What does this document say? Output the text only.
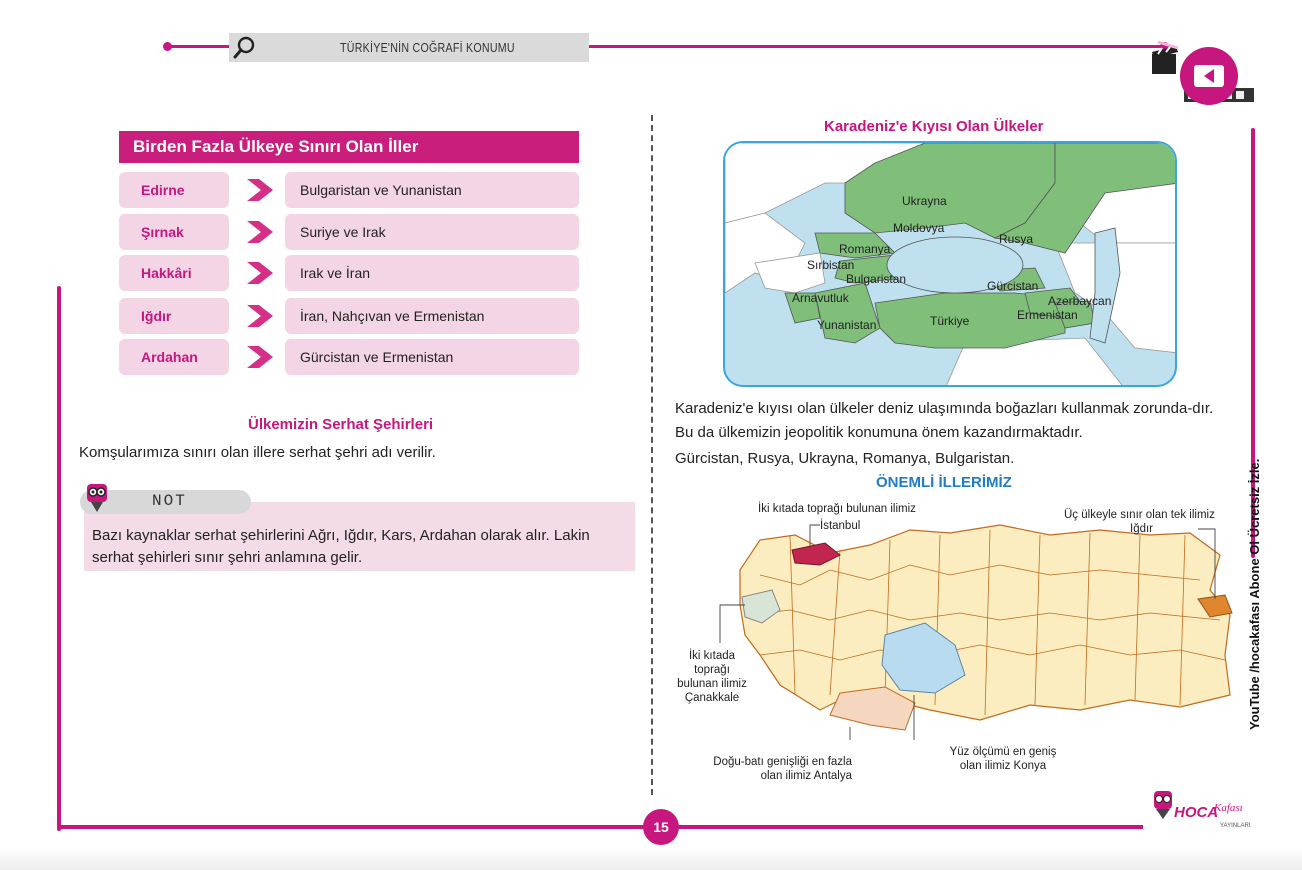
TÜRKİYE'NİN COĞRAFİ KONUMU
YouTube /hocakafası Abone Ol Ücretsiz İzle.
Birden Fazla Ülkeye Sınırı Olan İller
Edirne	Bulgaristan ve Yunanistan
Şırnak	Suriye ve Irak
Hakkâri	Irak ve İran
Iğdır	İran, Nahçıvan ve Ermenistan
Ardahan	Gürcistan ve Ermenistan
Ülkemizin Serhat Şehirleri
Komşularımıza sınırı olan illere serhat şehri adı verilir.
NOT
Bazı kaynaklar serhat şehirlerini Ağrı, Iğdır, Kars, Ardahan olarak alır. Lakin serhat şehirleri sınır şehri anlamına gelir.
Karadeniz'e Kıyısı Olan Ülkeler
Ukrayna
Moldovya
Romanya
Rusya
Sırbistan
Bulgaristan
Arnavutluk
Gürcistan
Azerbaycan
Ermenistan
Yunanistan	Türkiye
Karadeniz'e kıyısı olan ülkeler deniz ulaşımında boğazları kullanmak zorunda-dır. Bu da ülkemizin jeopolitik konumuna önem kazandırmaktadır.
Gürcistan, Rusya, Ukrayna, Romanya, Bulgaristan.
ÖNEMLİ İLLERİMİZ
İki kıtada toprağı bulunan ilimiz
İstanbul
Üç ülkeyle sınır olan tek ilimiz
Iğdır
İki kıtada toprağı bulunan ilimiz Çanakkale
Doğu-batı genişliği en fazla olan ilimiz Antalya
Yüz ölçümü en geniş olan ilimiz Konya
15
HOCA
Kafası
YAYINLARI
